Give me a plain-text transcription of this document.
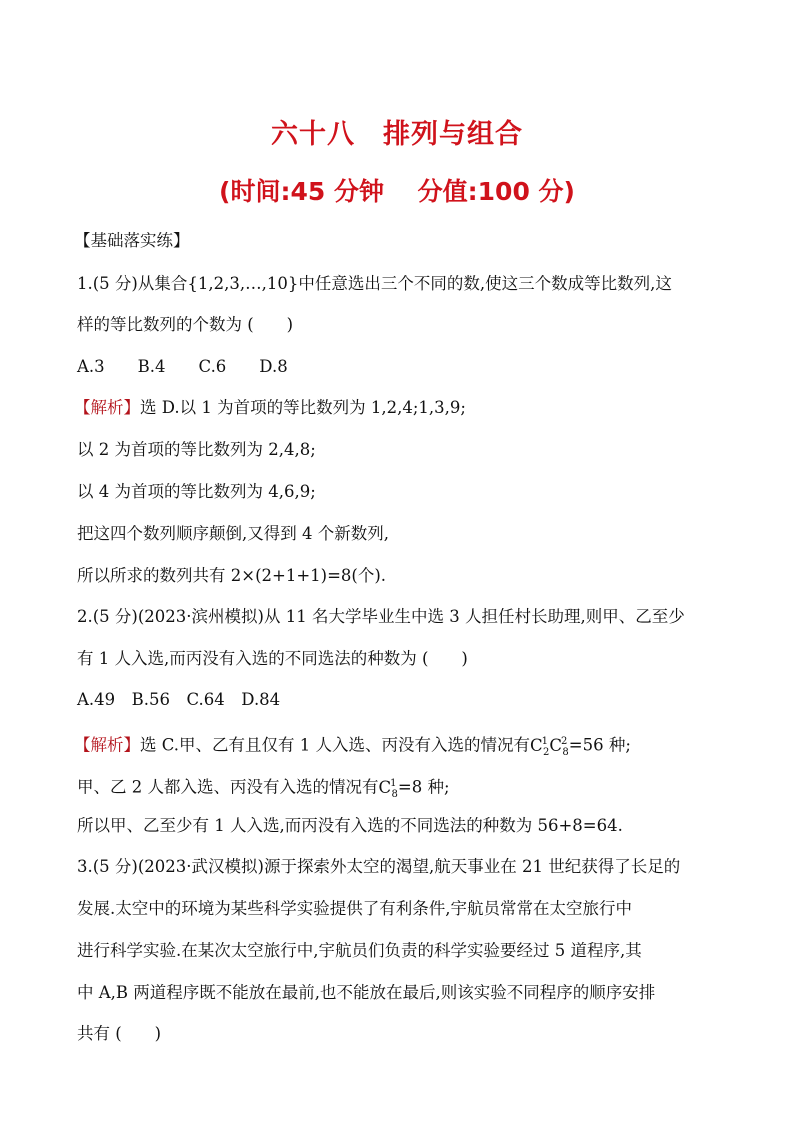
六十八　排列与组合
(时间:45 分钟　 分值:100 分)
【基础落实练】
1.(5 分)从集合{1,2,3,…,10}中任意选出三个不同的数,使这三个数成等比数列,这
样的等比数列的个数为 (　　)
A.3　　B.4　　C.6　　D.8
【解析】选 D.以 1 为首项的等比数列为 1,2,4;1,3,9;
以 2 为首项的等比数列为 2,4,8;
以 4 为首项的等比数列为 4,6,9;
把这四个数列顺序颠倒,又得到 4 个新数列,
所以所求的数列共有 2×(2+1+1)=8(个).
2.(5 分)(2023·滨州模拟)从 11 名大学毕业生中选 3 人担任村长助理,则甲、乙至少
有 1 人入选,而丙没有入选的不同选法的种数为 (　　)
A.49　B.56　C.64　D.84
【解析】选 C.甲、乙有且仅有 1 人入选、丙没有入选的情况有$C^1_2C^2_8=56$ 种;
甲、乙 2 人都入选、丙没有入选的情况有$C^1_8=8$ 种;
所以甲、乙至少有 1 人入选,而丙没有入选的不同选法的种数为 56+8=64.
3.(5 分)(2023·武汉模拟)源于探索外太空的渴望,航天事业在 21 世纪获得了长足的
发展.太空中的环境为某些科学实验提供了有利条件,宇航员常常在太空旅行中
进行科学实验.在某次太空旅行中,宇航员们负责的科学实验要经过 5 道程序,其
中 A,B 两道程序既不能放在最前,也不能放在最后,则该实验不同程序的顺序安排
共有 (　　)
